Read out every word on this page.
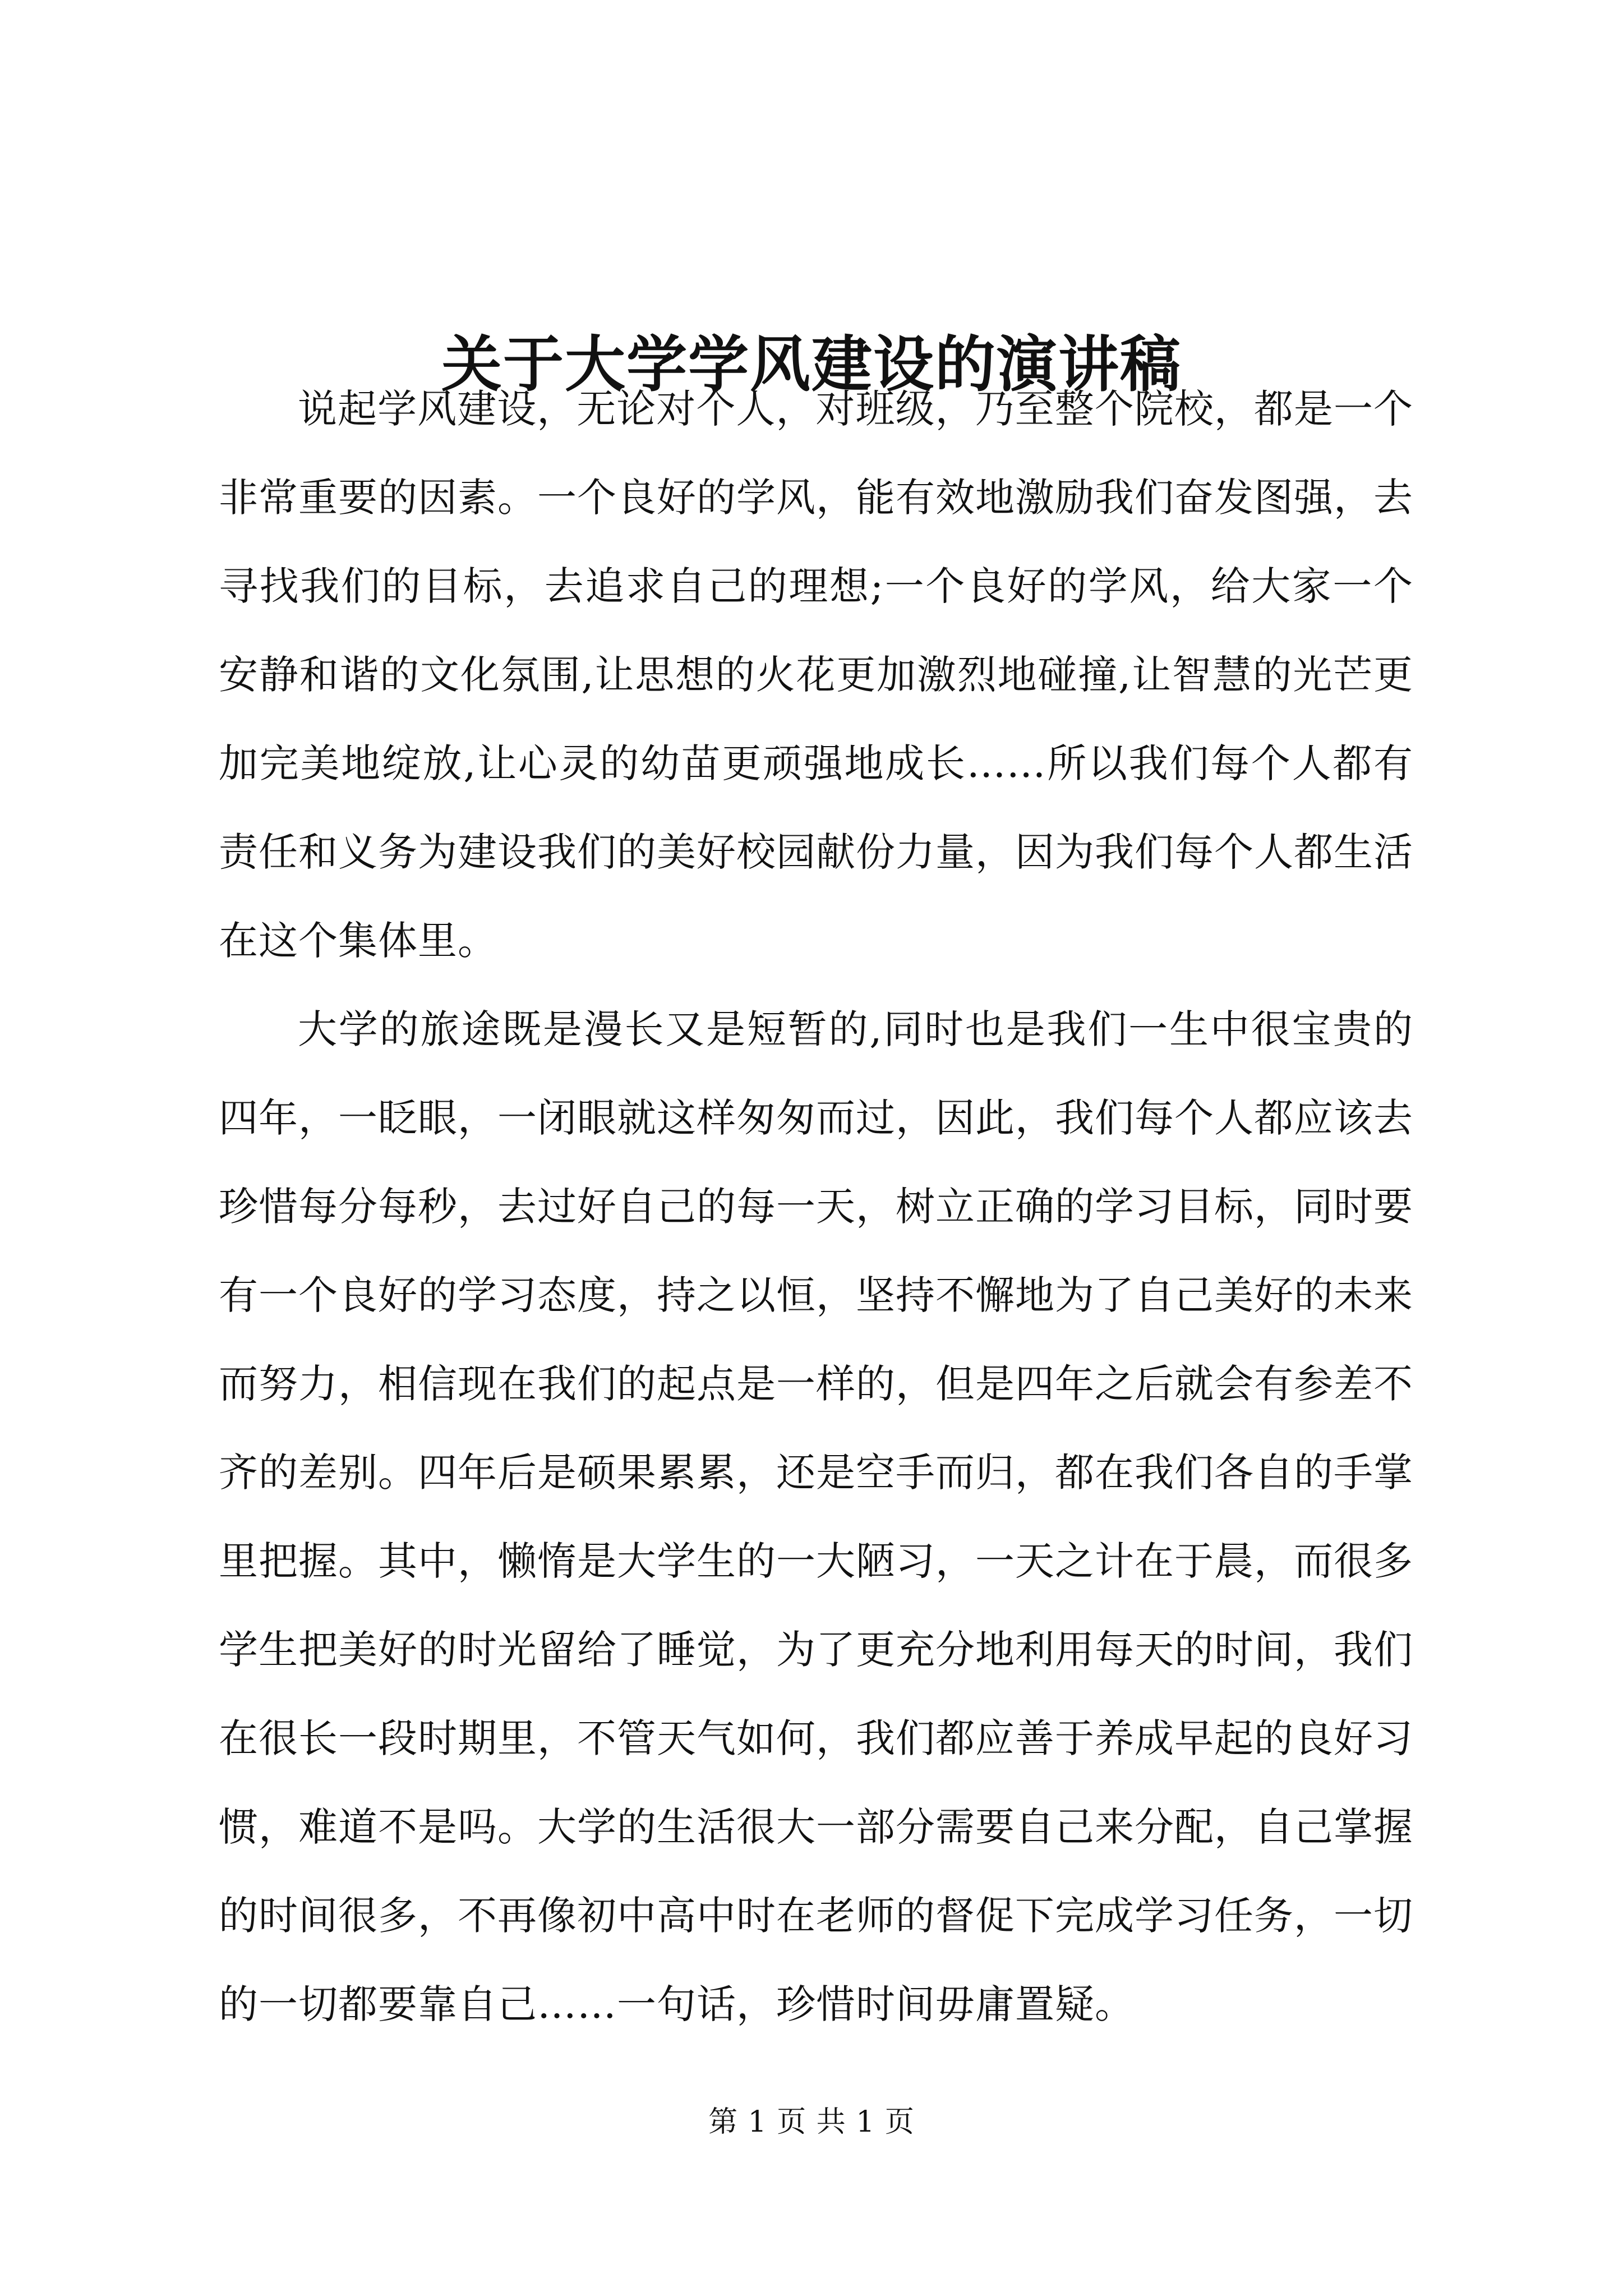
关于大学学风建设的演讲稿

说起学风建设，无论对个人，对班级，乃至整个院校，都是一个非常重要的因素。一个良好的学风，能有效地激励我们奋发图强，去寻找我们的目标，去追求自己的理想;一个良好的学风，给大家一个安静和谐的文化氛围,让思想的火花更加激烈地碰撞,让智慧的光芒更加完美地绽放,让心灵的幼苗更顽强地成长……所以我们每个人都有责任和义务为建设我们的美好校园献份力量，因为我们每个人都生活在这个集体里。

大学的旅途既是漫长又是短暂的,同时也是我们一生中很宝贵的四年，一眨眼，一闭眼就这样匆匆而过，因此，我们每个人都应该去珍惜每分每秒，去过好自己的每一天，树立正确的学习目标，同时要有一个良好的学习态度，持之以恒，坚持不懈地为了自己美好的未来而努力，相信现在我们的起点是一样的，但是四年之后就会有参差不齐的差别。四年后是硕果累累，还是空手而归，都在我们各自的手掌里把握。其中，懒惰是大学生的一大陋习，一天之计在于晨，而很多学生把美好的时光留给了睡觉，为了更充分地利用每天的时间，我们在很长一段时期里，不管天气如何，我们都应善于养成早起的良好习惯，难道不是吗。大学的生活很大一部分需要自己来分配，自己掌握的时间很多，不再像初中高中时在老师的督促下完成学习任务，一切的一切都要靠自己……一句话，珍惜时间毋庸置疑。

第 1 页 共 1 页
